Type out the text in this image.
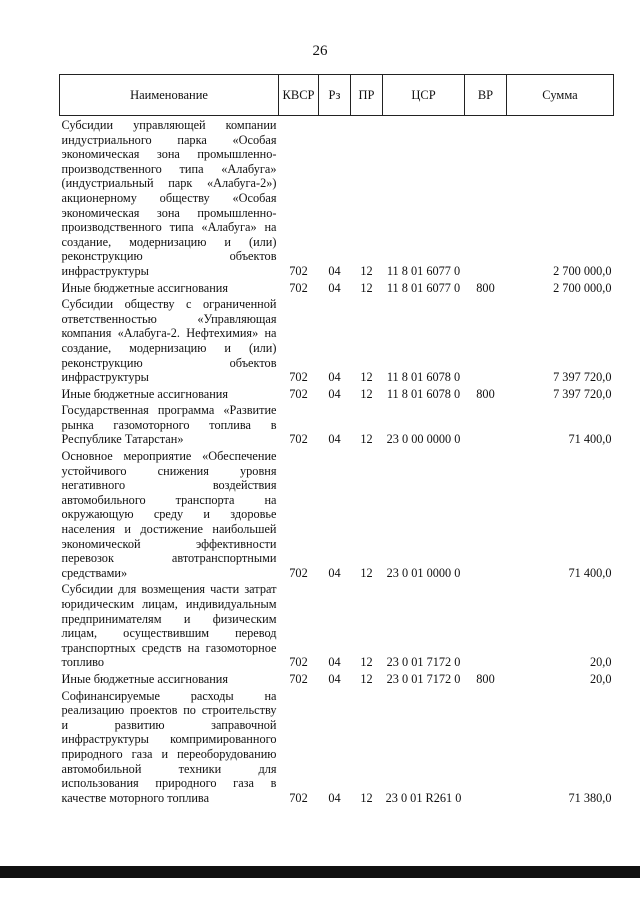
26
Наименование	КВСР	Рз	ПР	ЦСР	ВР	Сумма
Субсидии управляющей компании индустриального парка «Особая экономическая зона промышленно-производственного типа «Алабуга» (индустриальный парк «Алабуга-2») акционерному обществу «Особая экономическая зона промышленно-производственного типа «Алабуга» на создание, модернизацию и (или) реконструкцию объектов инфраструктуры	702	04	12	11 8 01 6077 0		2 700 000,0
Иные бюджетные ассигнования	702	04	12	11 8 01 6077 0	800	2 700 000,0
Субсидии обществу с ограниченной ответственностью «Управляющая компания «Алабуга-2. Нефтехимия» на создание, модернизацию и (или) реконструкцию объектов инфраструктуры	702	04	12	11 8 01 6078 0		7 397 720,0
Иные бюджетные ассигнования	702	04	12	11 8 01 6078 0	800	7 397 720,0
Государственная программа «Развитие рынка газомоторного топлива в Республике Татарстан»	702	04	12	23 0 00 0000 0		71 400,0
Основное мероприятие «Обеспечение устойчивого снижения уровня негативного воздействия автомобильного транспорта на окружающую среду и здоровье населения и достижение наибольшей экономической эффективности перевозок автотранспортными средствами»	702	04	12	23 0 01 0000 0		71 400,0
Субсидии для возмещения части затрат юридическим лицам, индивидуальным предпринимателям и физическим лицам, осуществившим перевод транспортных средств на газомоторное топливо	702	04	12	23 0 01 7172 0		20,0
Иные бюджетные ассигнования	702	04	12	23 0 01 7172 0	800	20,0
Софинансируемые расходы на реализацию проектов по строительству и развитию заправочной инфраструктуры компримированного природного газа и переоборудованию автомобильной техники для использования природного газа в качестве моторного топлива	702	04	12	23 0 01 R261 0		71 380,0
